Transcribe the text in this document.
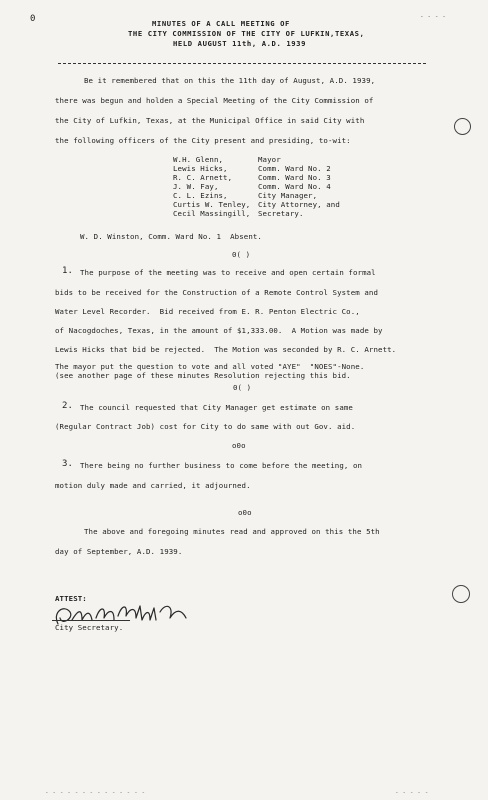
0	- - - -
MINUTES OF A CALL MEETING OF
THE CITY COMMISSION OF THE CITY OF LUFKIN,TEXAS,
HELD AUGUST 11th, A.D. 1939
Be it remembered that on this the 11th day of August, A.D. 1939,
there was begun and holden a Special Meeting of the City Commission of
the City of Lufkin, Texas, at the Municipal Office in said City with
the following officers of the City present and presiding, to-wit:
W.H. Glenn,	Mayor
Lewis Hicks,	Comm. Ward No. 2
R. C. Arnett,	Comm. Ward No. 3
J. W. Fay,	Comm. Ward No. 4
C. L. Ezins,	City Manager,
Curtis W. Tenley, City Attorney, and
Cecil Massingill, Secretary.
W. D. Winston, Comm. Ward No. 1  Absent.
0( )
1. The purpose of the meeting was to receive and open certain formal
bids to be received for the Construction of a Remote Control System and
Water Level Recorder.  Bid received from E. R. Penton Electric Co.,
of Nacogdoches, Texas, in the amount of $1,333.00.  A Motion was made by
Lewis Hicks that bid be rejected.  The Motion was seconded by R. C. Arnett.
The mayor put the question to vote and all voted "AYE"  "NOES"-None.
(see another page of these minutes Resolution rejecting this bid.
0( )
2. The council requested that City Manager get estimate on same
(Regular Contract Job) cost for City to do same with out Gov. aid.
o0o
3. There being no further business to come before the meeting, on
motion duly made and carried, it adjourned.
o0o
The above and foregoing minutes read and approved on this the 5th
day of September, A.D. 1939.
ATTEST:
City Secretary.
- - - - - - - - - - - - - -	- - - - -
